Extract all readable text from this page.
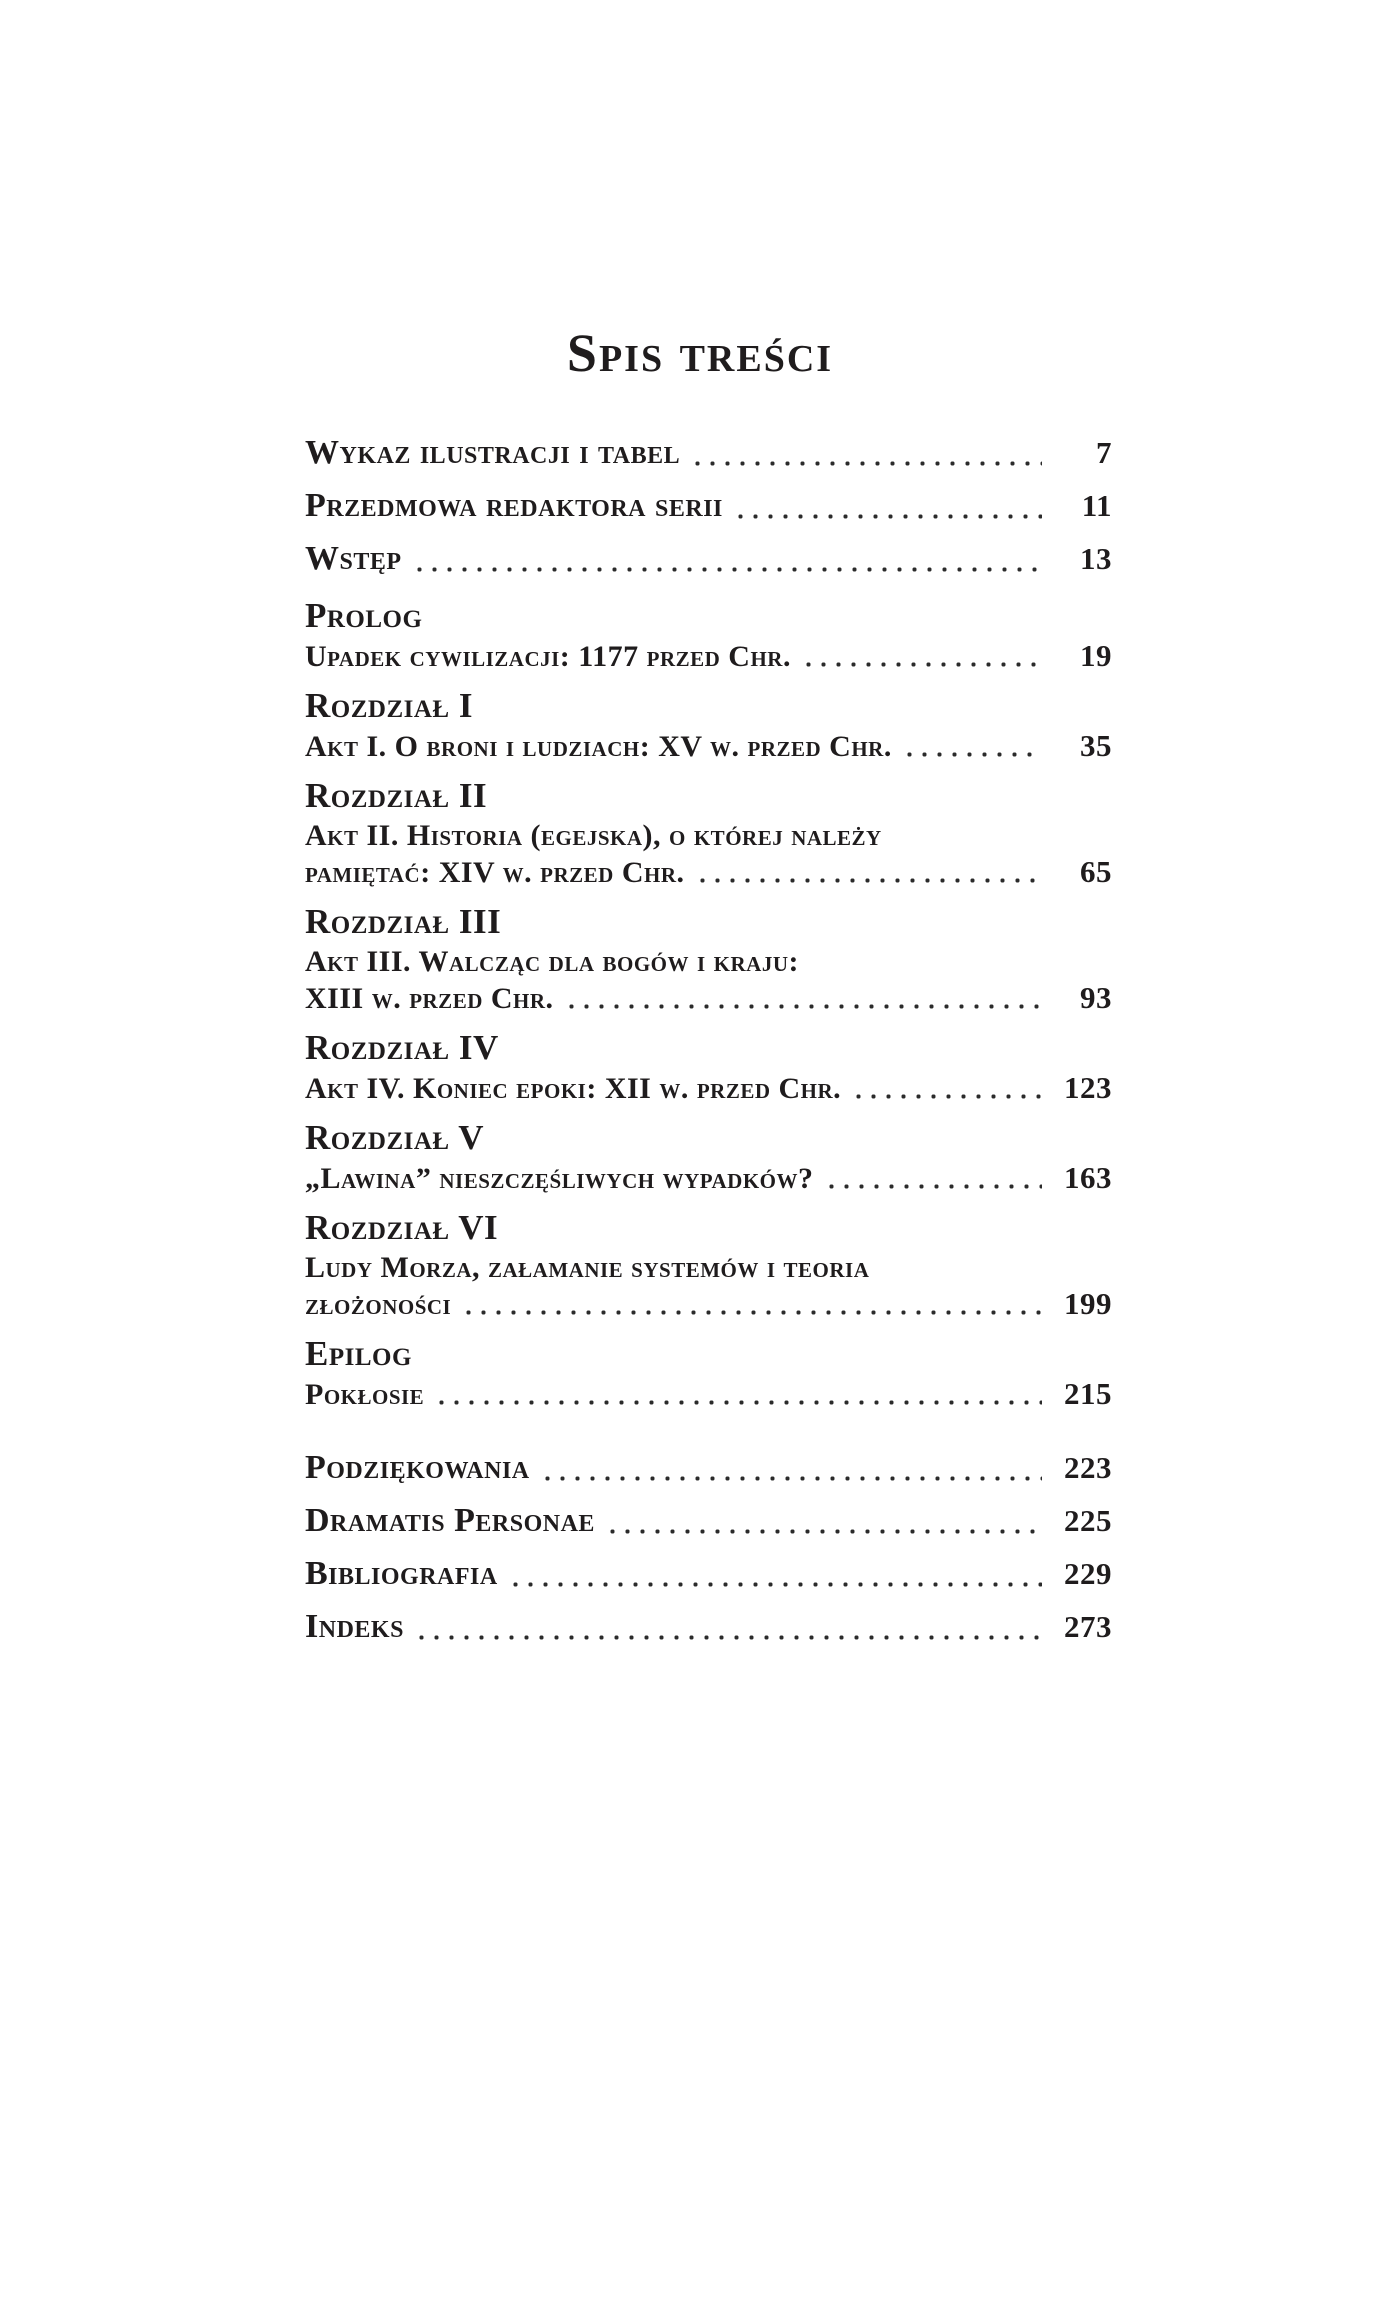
Spis treści
Wykaz ilustracji i tabel	7
Przedmowa redaktora serii	11
Wstęp	13
Prolog
Upadek cywilizacji: 1177 przed Chr.	19
Rozdział I
Akt I. O broni i ludziach: XV w. przed Chr.	35
Rozdział II
Akt II. Historia (egejska), o której należy
pamiętać: XIV w. przed Chr.	65
Rozdział III
Akt III. Walcząc dla bogów i kraju:
XIII w. przed Chr.	93
Rozdział IV
Akt IV. Koniec epoki: XII w. przed Chr.	123
Rozdział V
„Lawina” nieszczęśliwych wypadków?	163
Rozdział VI
Ludy Morza, załamanie systemów i teoria
złożoności	199
Epilog
Pokłosie	215
Podziękowania	223
Dramatis Personae	225
Bibliografia	229
Indeks	273
